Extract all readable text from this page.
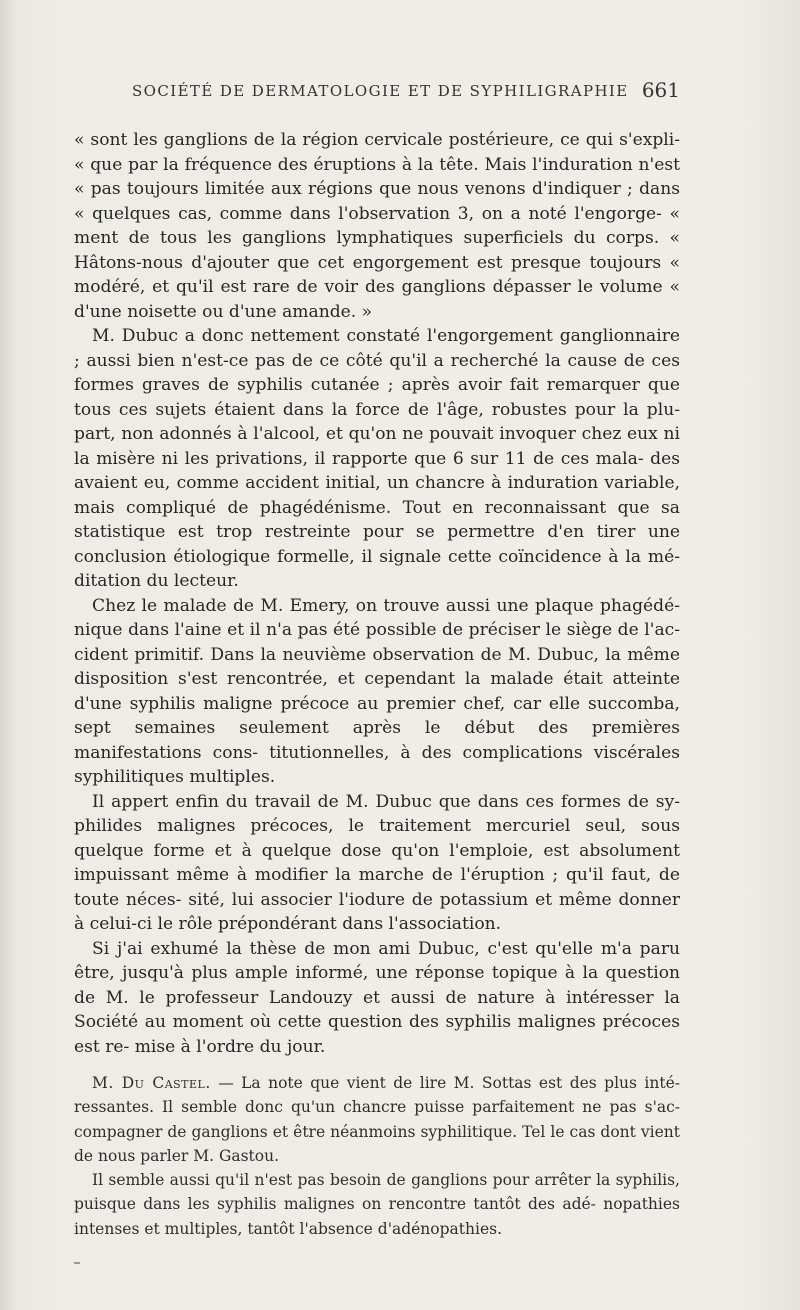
SOCIÉTÉ DE DERMATOLOGIE ET DE SYPHILIGRAPHIE 661

« sont les ganglions de la région cervicale postérieure, ce qui s'expli- « que par la fréquence des éruptions à la tête. Mais l'induration n'est « pas toujours limitée aux régions que nous venons d'indiquer ; dans « quelques cas, comme dans l'observation 3, on a noté l'engorge- « ment de tous les ganglions lymphatiques superficiels du corps. « Hâtons-nous d'ajouter que cet engorgement est presque toujours « modéré, et qu'il est rare de voir des ganglions dépasser le volume « d'une noisette ou d'une amande. »

M. Dubuc a donc nettement constaté l'engorgement ganglionnaire ; aussi bien n'est-ce pas de ce côté qu'il a recherché la cause de ces formes graves de syphilis cutanée ; après avoir fait remarquer que tous ces sujets étaient dans la force de l'âge, robustes pour la plu- part, non adonnés à l'alcool, et qu'on ne pouvait invoquer chez eux ni la misère ni les privations, il rapporte que 6 sur 11 de ces mala- des avaient eu, comme accident initial, un chancre à induration variable, mais compliqué de phagédénisme. Tout en reconnaissant que sa statistique est trop restreinte pour se permettre d'en tirer une conclusion étiologique formelle, il signale cette coïncidence à la mé- ditation du lecteur.

Chez le malade de M. Emery, on trouve aussi une plaque phagédé- nique dans l'aine et il n'a pas été possible de préciser le siège de l'ac- cident primitif. Dans la neuvième observation de M. Dubuc, la même disposition s'est rencontrée, et cependant la malade était atteinte d'une syphilis maligne précoce au premier chef, car elle succomba, sept semaines seulement après le début des premières manifestations cons- titutionnelles, à des complications viscérales syphilitiques multiples.

Il appert enfin du travail de M. Dubuc que dans ces formes de sy- philides malignes précoces, le traitement mercuriel seul, sous quelque forme et à quelque dose qu'on l'emploie, est absolument impuissant même à modifier la marche de l'éruption ; qu'il faut, de toute néces- sité, lui associer l'iodure de potassium et même donner à celui-ci le rôle prépondérant dans l'association.

Si j'ai exhumé la thèse de mon ami Dubuc, c'est qu'elle m'a paru être, jusqu'à plus ample informé, une réponse topique à la question de M. le professeur Landouzy et aussi de nature à intéresser la Société au moment où cette question des syphilis malignes précoces est re- mise à l'ordre du jour.

M. Du Castel. — La note que vient de lire M. Sottas est des plus inté- ressantes. Il semble donc qu'un chancre puisse parfaitement ne pas s'ac- compagner de ganglions et être néanmoins syphilitique. Tel le cas dont vient de nous parler M. Gastou.

Il semble aussi qu'il n'est pas besoin de ganglions pour arrêter la syphilis, puisque dans les syphilis malignes on rencontre tantôt des adé- nopathies intenses et multiples, tantôt l'absence d'adénopathies.
